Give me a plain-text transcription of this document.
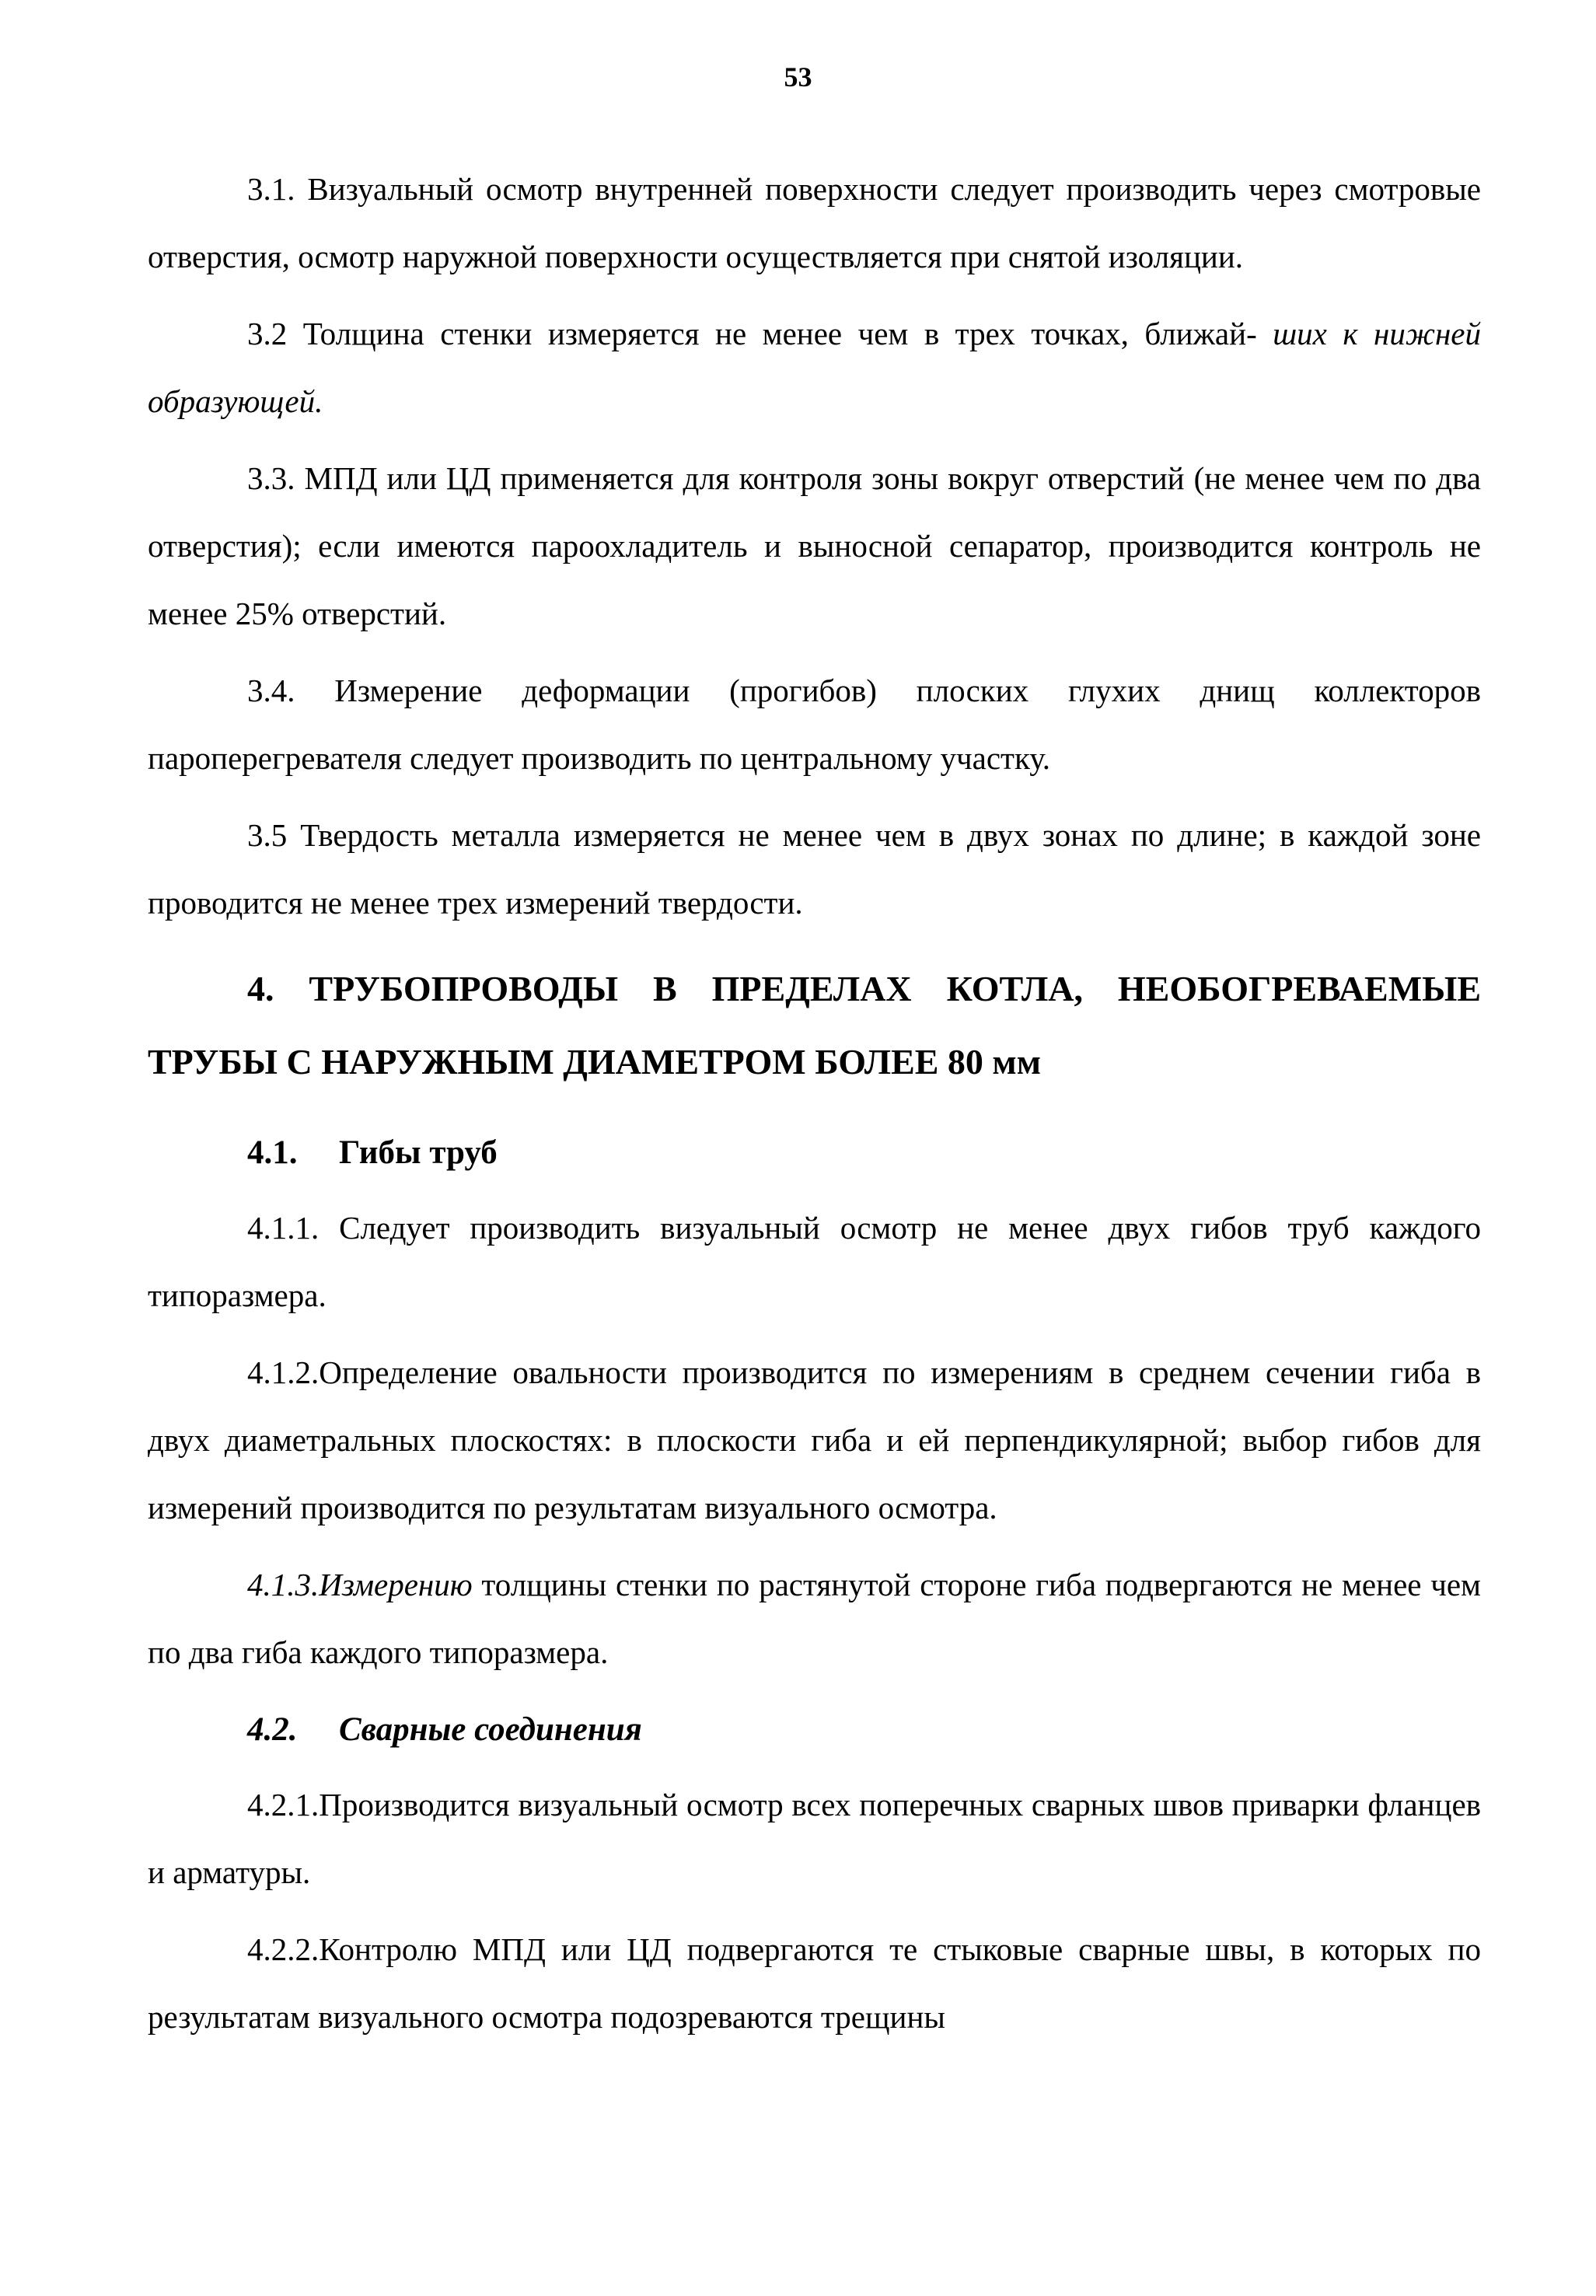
53

3.1. Визуальный осмотр внутренней поверхности следует производить через смотровые отверстия, осмотр наружной поверхности осуществляется при снятой изоляции.

3.2 Толщина стенки измеряется не менее чем в трех точках, ближай- ших к нижней образующей.

3.3. МПД или ЦД применяется для контроля зоны вокруг отверстий (не менее чем по два отверстия); если имеются пароохладитель и выносной сепаратор, производится контроль не менее 25% отверстий.

3.4. Измерение деформации (прогибов) плоских глухих днищ коллекторов пароперегревателя следует производить по центральному участку.

3.5 Твердость металла измеряется не менее чем в двух зонах по длине; в каждой зоне проводится не менее трех измерений твердости.

4. ТРУБОПРОВОДЫ В ПРЕДЕЛАХ КОТЛА, НЕОБОГРЕВАЕМЫЕ ТРУБЫ С НАРУЖНЫМ ДИАМЕТРОМ БОЛЕЕ 80 мм
4.1. Гибы труб

4.1.1. Следует производить визуальный осмотр не менее двух гибов труб каждого типоразмера.

4.1.2.Определение овальности производится по измерениям в среднем сечении гиба в двух диаметральных плоскостях: в плоскости гиба и ей перпендикулярной; выбор гибов для измерений производится по результатам визуального осмотра.

4.1.3.Измерению толщины стенки по растянутой стороне гиба подвергаются не менее чем по два гиба каждого типоразмера.

4.2. Сварные соединения

4.2.1.Производится визуальный осмотр всех поперечных сварных швов приварки фланцев и арматуры.

4.2.2.Контролю МПД или ЦД подвергаются те стыковые сварные швы, в которых по результатам визуального осмотра подозреваются трещины
